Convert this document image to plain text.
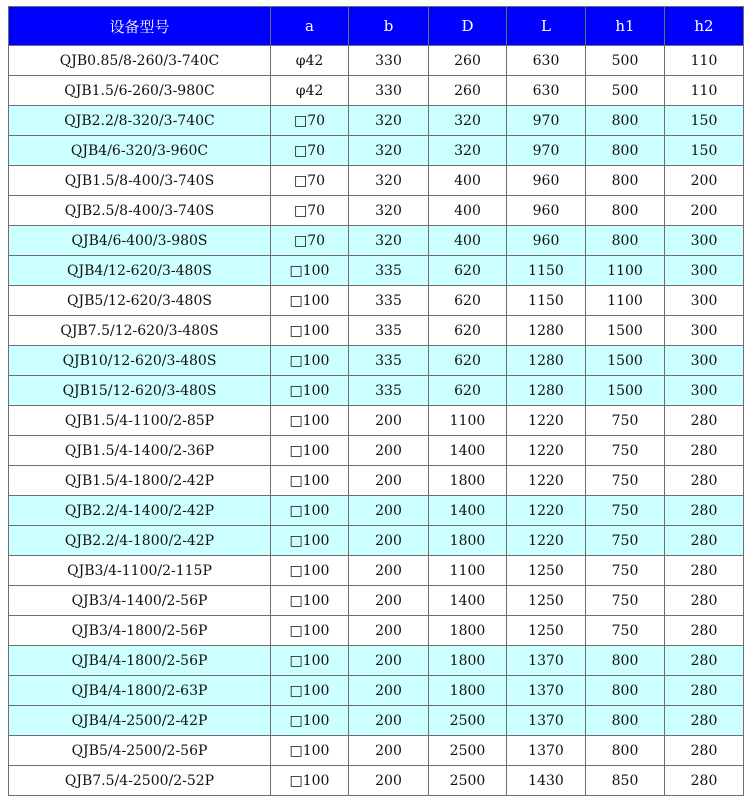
设备型号	a	b	D	L	h1	h2
QJB0.85/8-260/3-740C	φ42	330	260	630	500	110
QJB1.5/6-260/3-980C	φ42	330	260	630	500	110
QJB2.2/8-320/3-740C	□70	320	320	970	800	150
QJB4/6-320/3-960C	□70	320	320	970	800	150
QJB1.5/8-400/3-740S	□70	320	400	960	800	200
QJB2.5/8-400/3-740S	□70	320	400	960	800	200
QJB4/6-400/3-980S	□70	320	400	960	800	300
QJB4/12-620/3-480S	□100	335	620	1150	1100	300
QJB5/12-620/3-480S	□100	335	620	1150	1100	300
QJB7.5/12-620/3-480S	□100	335	620	1280	1500	300
QJB10/12-620/3-480S	□100	335	620	1280	1500	300
QJB15/12-620/3-480S	□100	335	620	1280	1500	300
QJB1.5/4-1100/2-85P	□100	200	1100	1220	750	280
QJB1.5/4-1400/2-36P	□100	200	1400	1220	750	280
QJB1.5/4-1800/2-42P	□100	200	1800	1220	750	280
QJB2.2/4-1400/2-42P	□100	200	1400	1220	750	280
QJB2.2/4-1800/2-42P	□100	200	1800	1220	750	280
QJB3/4-1100/2-115P	□100	200	1100	1250	750	280
QJB3/4-1400/2-56P	□100	200	1400	1250	750	280
QJB3/4-1800/2-56P	□100	200	1800	1250	750	280
QJB4/4-1800/2-56P	□100	200	1800	1370	800	280
QJB4/4-1800/2-63P	□100	200	1800	1370	800	280
QJB4/4-2500/2-42P	□100	200	2500	1370	800	280
QJB5/4-2500/2-56P	□100	200	2500	1370	800	280
QJB7.5/4-2500/2-52P	□100	200	2500	1430	850	280
